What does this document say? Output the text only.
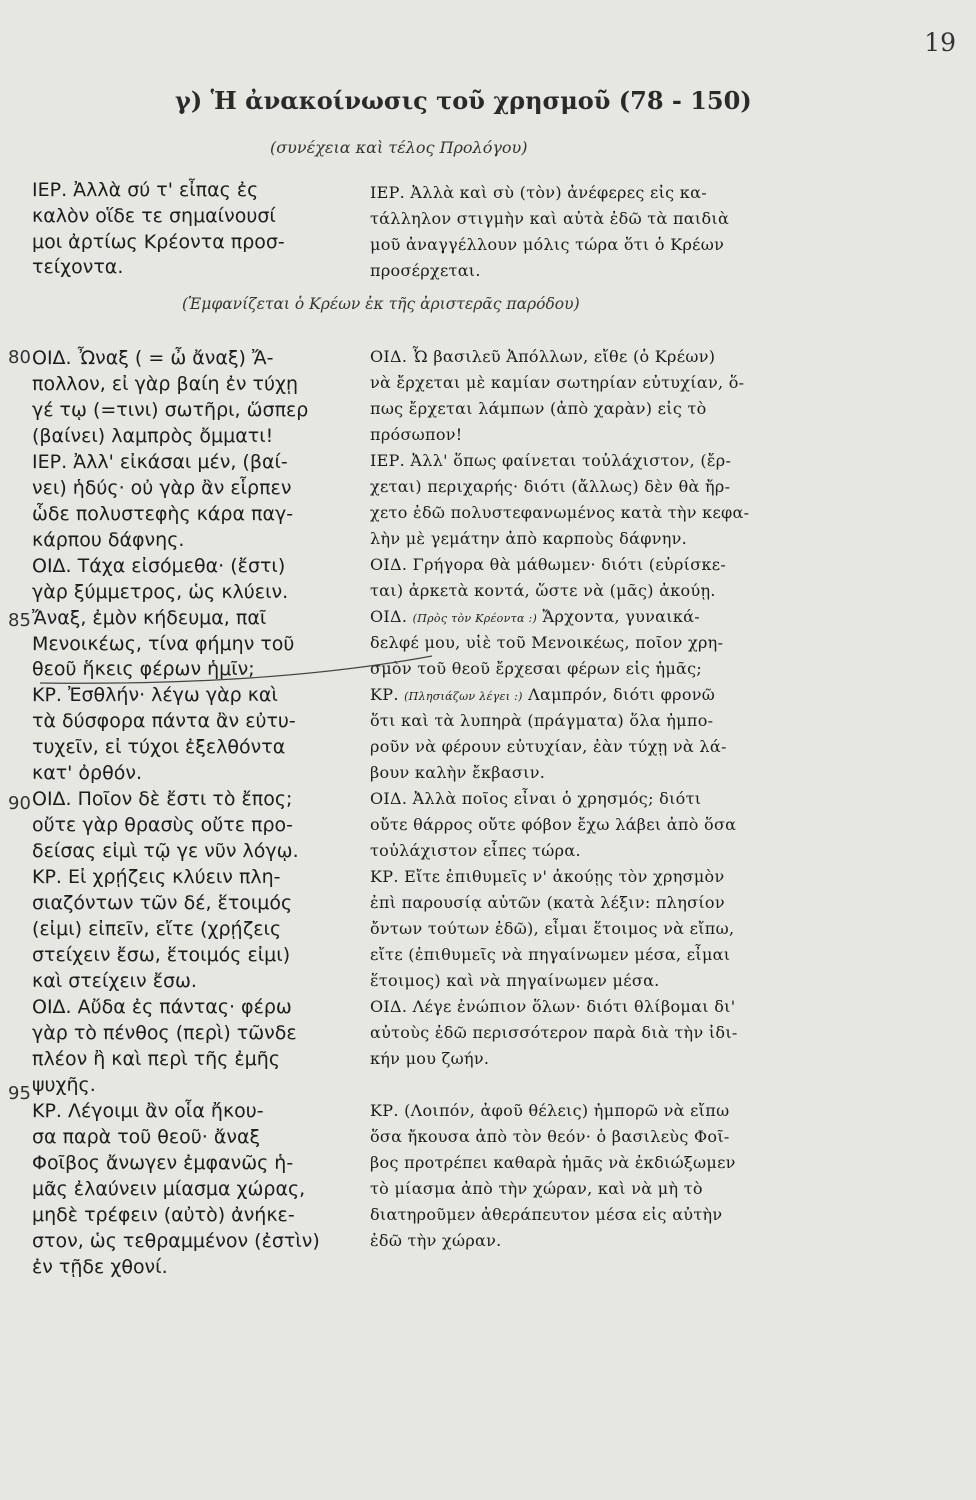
19
γ) Ἡ ἀνακοίνωσις τοῦ χρησμοῦ (78 - 150)
(συνέχεια καὶ τέλος Προλόγου)
(Ἐμφανίζεται ὁ Κρέων ἐκ τῆς ἀριστερᾶς παρόδου)
80
85
90
95
ΙΕΡ. Ἀλλὰ σύ τ' εἶπας ἐς
καλὸν οἵδε τε σημαίνουσί
μοι ἀρτίως Κρέοντα προσ-
τείχοντα.
ΟΙΔ. Ὦναξ ( = ὦ ἄναξ) Ἄ-
πολλον, εἰ γὰρ βαίη ἐν τύχῃ
γέ τῳ (=τινι) σωτῆρι, ὥσπερ
(βαίνει) λαμπρὸς ὄμματι!
ΙΕΡ. Ἀλλ' εἰκάσαι μέν, (βαί-
νει) ἡδύς· οὐ γὰρ ἂν εἷρπεν
ὧδε πολυστεφὴς κάρα παγ-
κάρπου δάφνης.
ΟΙΔ. Τάχα εἰσόμεθα· (ἔστι)
γὰρ ξύμμετρος, ὡς κλύειν.
Ἄναξ, ἐμὸν κήδευμα, παῖ
Μενοικέως, τίνα φήμην τοῦ
θεοῦ ἥκεις φέρων ἡμῖν;
ΚΡ. Ἐσθλήν· λέγω γὰρ καὶ
τὰ δύσφορα πάντα ἂν εὐτυ-
τυχεῖν, εἰ τύχοι ἐξελθόντα
κατ' ὀρθόν.
ΟΙΔ. Ποῖον δὲ ἔστι τὸ ἔπος;
οὔτε γὰρ θρασὺς οὔτε προ-
δείσας εἰμὶ τῷ γε νῦν λόγῳ.
ΚΡ. Εἰ χρῄζεις κλύειν πλη-
σιαζόντων τῶν δέ, ἕτοιμός
(εἰμι) εἰπεῖν, εἴτε (χρῄζεις
στείχειν ἔσω, ἕτοιμός εἰμι)
καὶ στείχειν ἔσω.
ΟΙΔ. Αὔδα ἐς πάντας· φέρω
γὰρ τὸ πένθος (περὶ) τῶνδε
πλέον ἢ καὶ περὶ τῆς ἐμῆς
ψυχῆς.
ΚΡ. Λέγοιμι ἂν οἷα ἤκου-
σα παρὰ τοῦ θεοῦ· ἄναξ
Φοῖβος ἄνωγεν ἐμφανῶς ἡ-
μᾶς ἐλαύνειν μίασμα χώρας,
μηδὲ τρέφειν (αὐτὸ) ἀνήκε-
στον, ὡς τεθραμμένον (ἐστὶν)
ἐν τῇδε χθονί.
ΙΕΡ. Ἀλλὰ καὶ σὺ (τὸν) ἀνέφερες εἰς κα-
τάλληλον στιγμὴν καὶ αὐτὰ ἐδῶ τὰ παιδιὰ
μοῦ ἀναγγέλλουν μόλις τώρα ὅτι ὁ Κρέων
προσέρχεται.
ΟΙΔ. Ὦ βασιλεῦ Ἀπόλλων, εἴθε (ὁ Κρέων)
νὰ ἔρχεται μὲ καμίαν σωτηρίαν εὐτυχίαν, ὅ-
πως ἔρχεται λάμπων (ἀπὸ χαρὰν) εἰς τὸ
πρόσωπον!
ΙΕΡ. Ἀλλ' ὅπως φαίνεται τοὐλάχιστον, (ἔρ-
χεται) περιχαρής· διότι (ἄλλως) δὲν θὰ ἤρ-
χετο ἐδῶ πολυστεφανωμένος κατὰ τὴν κεφα-
λὴν μὲ γεμάτην ἀπὸ καρποὺς δάφνην.
ΟΙΔ. Γρήγορα θὰ μάθωμεν· διότι (εὑρίσκε-
ται) ἀρκετὰ κοντά, ὥστε νὰ (μᾶς) ἀκούῃ.
ΟΙΔ. (Πρὸς τὸν Κρέοντα :) Ἄρχοντα, γυναικά-
δελφέ μου, υἱὲ τοῦ Μενοικέως, ποῖον χρη-
σμὸν τοῦ θεοῦ ἔρχεσαι φέρων εἰς ἡμᾶς;
ΚΡ. (Πλησιάζων λέγει :) Λαμπρόν, διότι φρονῶ
ὅτι καὶ τὰ λυπηρὰ (πράγματα) ὅλα ἠμπο-
ροῦν νὰ φέρουν εὐτυχίαν, ἐὰν τύχῃ νὰ λά-
βουν καλὴν ἔκβασιν.
ΟΙΔ. Ἀλλὰ ποῖος εἶναι ὁ χρησμός; διότι
οὔτε θάρρος οὔτε φόβον ἔχω λάβει ἀπὸ ὅσα
τοὐλάχιστον εἶπες τώρα.
ΚΡ. Εἴτε ἐπιθυμεῖς ν' ἀκούῃς τὸν χρησμὸν
ἐπὶ παρουσίᾳ αὐτῶν (κατὰ λέξιν: πλησίον
ὄντων τούτων ἐδῶ), εἶμαι ἕτοιμος νὰ εἴπω,
εἴτε (ἐπιθυμεῖς νὰ πηγαίνωμεν μέσα, εἶμαι
ἕτοιμος) καὶ νὰ πηγαίνωμεν μέσα.
ΟΙΔ. Λέγε ἐνώπιον ὅλων· διότι θλίβομαι δι'
αὐτοὺς ἐδῶ περισσότερον παρὰ διὰ τὴν ἰδι-
κήν μου ζωήν.
ΚΡ. (Λοιπόν, ἀφοῦ θέλεις) ἠμπορῶ νὰ εἴπω
ὅσα ἤκουσα ἀπὸ τὸν θεόν· ὁ βασιλεὺς Φοῖ-
βος προτρέπει καθαρὰ ἡμᾶς νὰ ἐκδιώξωμεν
τὸ μίασμα ἀπὸ τὴν χώραν, καὶ νὰ μὴ τὸ
διατηροῦμεν ἀθεράπευτον μέσα εἰς αὐτὴν
ἐδῶ τὴν χώραν.
